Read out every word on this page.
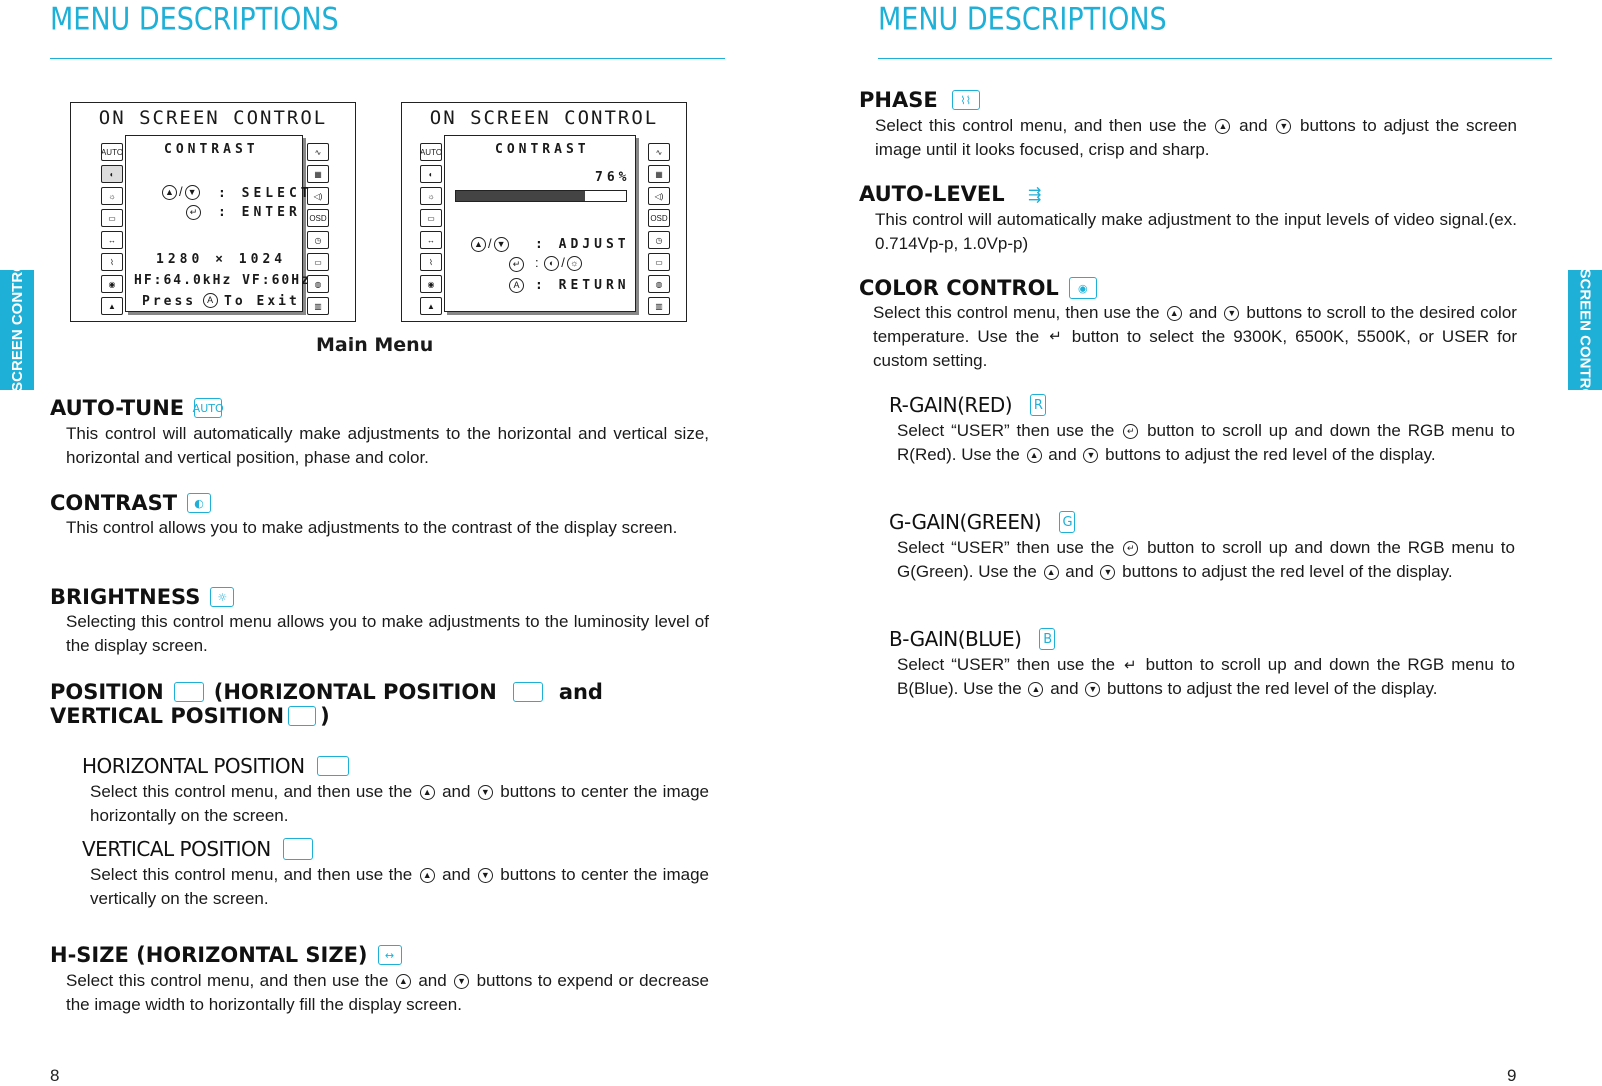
MENU DESCRIPTIONS
ON SCREEN CONTROL
AUTO
◐
☼
▭
↔
⌇
◉
▲
CONTRAST
▲ / ▼	: SELECT
↵	: ENTER
1280 × 1024
HF:64.0kHz VF:60Hz
Press A To Exit
∿
▦
◁)
OSD
◷
▭
◍
▥
ON SCREEN CONTROL
AUTO
◐
☼
▭
↔
⌇
◉
▲
CONTRAST
76%
▲ / ▼	: ADJUST
↵	: ◐ / ☼
A	: RETURN
∿
▦
◁)
OSD
◷
▭
◍
▥
Main Menu
AUTO-TUNE AUTO
This control will automatically make adjustments to the horizontal and vertical size, horizontal and vertical position, phase and color.
CONTRAST	◐
This control allows you to make adjustments to the contrast of the display screen.
BRIGHTNESS	☼
Selecting this control menu allows you to make adjustments to the luminosity level of the display screen.
POSITION (HORIZONTAL POSITION	and
VERTICAL POSITION )
HORIZONTAL POSITION
Select this control menu, and then use the ▲ and ▼ buttons to center the image horizontally on the screen.
VERTICAL POSITION
Select this control menu, and then use the ▲ and ▼ buttons to center the image vertically on the screen.
H-SIZE (HORIZONTAL SIZE)	↔
Select this control menu, and then use the ▲ and ▼ buttons to expend or decrease the image width to horizontally fill the display screen.
8
ON-SCREEN CONTROLS
MENU DESCRIPTIONS
PHASE	⌇⌇
Select this control menu, and then use the ▲ and ▼ buttons to adjust the screen image until it looks focused, crisp and sharp.
AUTO-LEVEL	⇶
This control will automatically make adjustment to the input levels of video signal.(ex. 0.714Vp-p, 1.0Vp-p)
COLOR CONTROL	◉
Select this control menu, then use the ▲ and ▼ buttons to scroll to the desired color temperature. Use the ↵ button to select the 9300K, 6500K, 5500K, or USER for custom setting.
R-GAIN(RED) R
Select “USER” then use the ↵ button to scroll up and down the RGB menu to R(Red). Use the ▲ and ▼ buttons to adjust the red level of the display.
G-GAIN(GREEN) G
Select “USER” then use the ↵ button to scroll up and down the RGB menu to G(Green). Use the ▲ and ▼ buttons to adjust the red level of the display.
B-GAIN(BLUE) B
Select “USER” then use the ↵ button to scroll up and down the RGB menu to B(Blue). Use the ▲ and ▼ buttons to adjust the red level of the display.
9
ON-SCREEN CONTROLS
